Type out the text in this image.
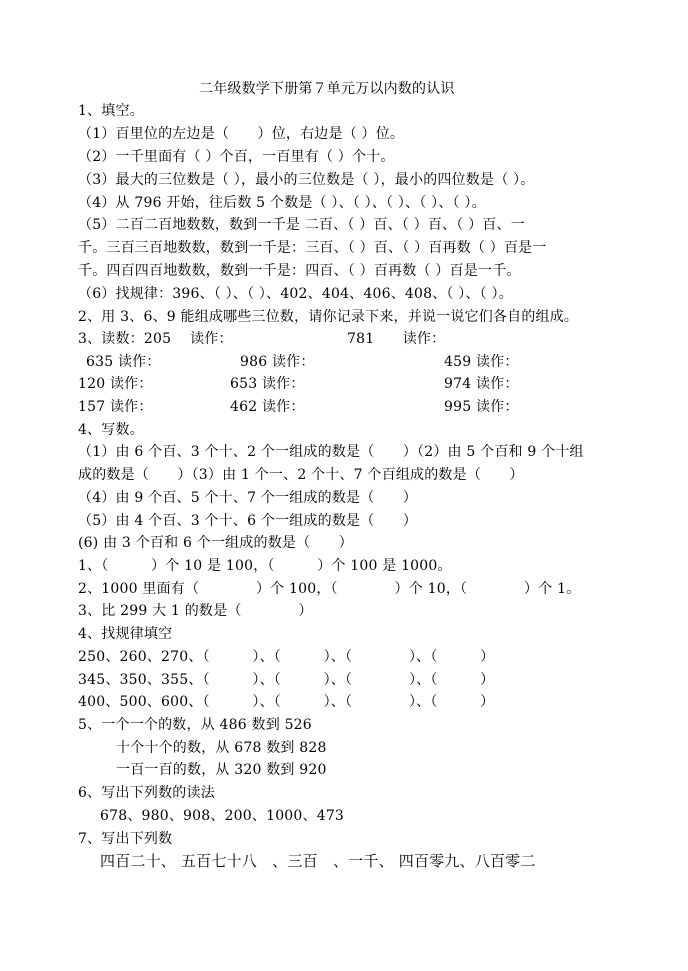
二年级数学下册第７单元万以内数的认识
1、填空。
（1）百里位的左边是（　　）位，右边是（ ）位。
（2）一千里面有（ ）个百，一百里有（ ）个十。
（3）最大的三位数是（ ），最小的三位数是（ ），最小的四位数是（ ）。
（4）从 796 开始，往后数 5 个数是（ ）、（ ）、（ ）、（ ）、（ ）。
（5）二百二百地数数，数到一千是 二百、（ ）百、（ ）百、（ ）百、一
千。三百三百地数数，数到一千是：三百、（ ）百、（ ）百再数（ ）百是一
千。四百四百地数数，数到一千是：四百、（ ）百再数（ ）百是一千。
（6）找规律：396、（ ）、（ ）、402、404、406、408、（ ）、（ ）。
2、用 3、6、9 能组成哪些三位数，请你记录下来，并说一说它们各自的组成。
3、读数：205　 读作：	781　　读作：
635 读作：	986 读作：	459 读作：
120 读作：	653 读作：	974 读作：
157 读作：	462 读作：	995 读作：
4、写数。
（1）由 6 个百、3 个十、2 个一组成的数是（　　）（2）由 5 个百和 9 个十组
成的数是（　　）（3）由 1 个一、2 个十、7 个百组成的数是（　　）
（4）由 9 个百、5 个十、7 个一组成的数是（　　）
（5）由 4 个百、3 个十、6 个一组成的数是（　　）
(6) 由 3 个百和 6 个一组成的数是（　　）
1、（　　　）个 10 是 100，（　　　）个 100 是 1000。
2、1000 里面有（　　　　）个 100，（　　　　）个 10，（　　　　）个 1。
3、比 299 大 1 的数是（　　　　）
4、找规律填空
250、260、270、（　　　）、（　　　）、（　　　　）、（　　　）
345、350、355、（　　　）、（　　　）、（　　　　）、（　　　）
400、500、600、（　　　）、（　　　）、（　　　　）、（　　　）
5、一个一个的数，从 486 数到 526
十个十个的数，从 678 数到 828
一百一百的数，从 320 数到 920
6、写出下列数的读法
678、980、908、200、1000、473
7、写出下列数
四百二十、 五百七十八　、三百　、一千、 四百零九、八百零二
